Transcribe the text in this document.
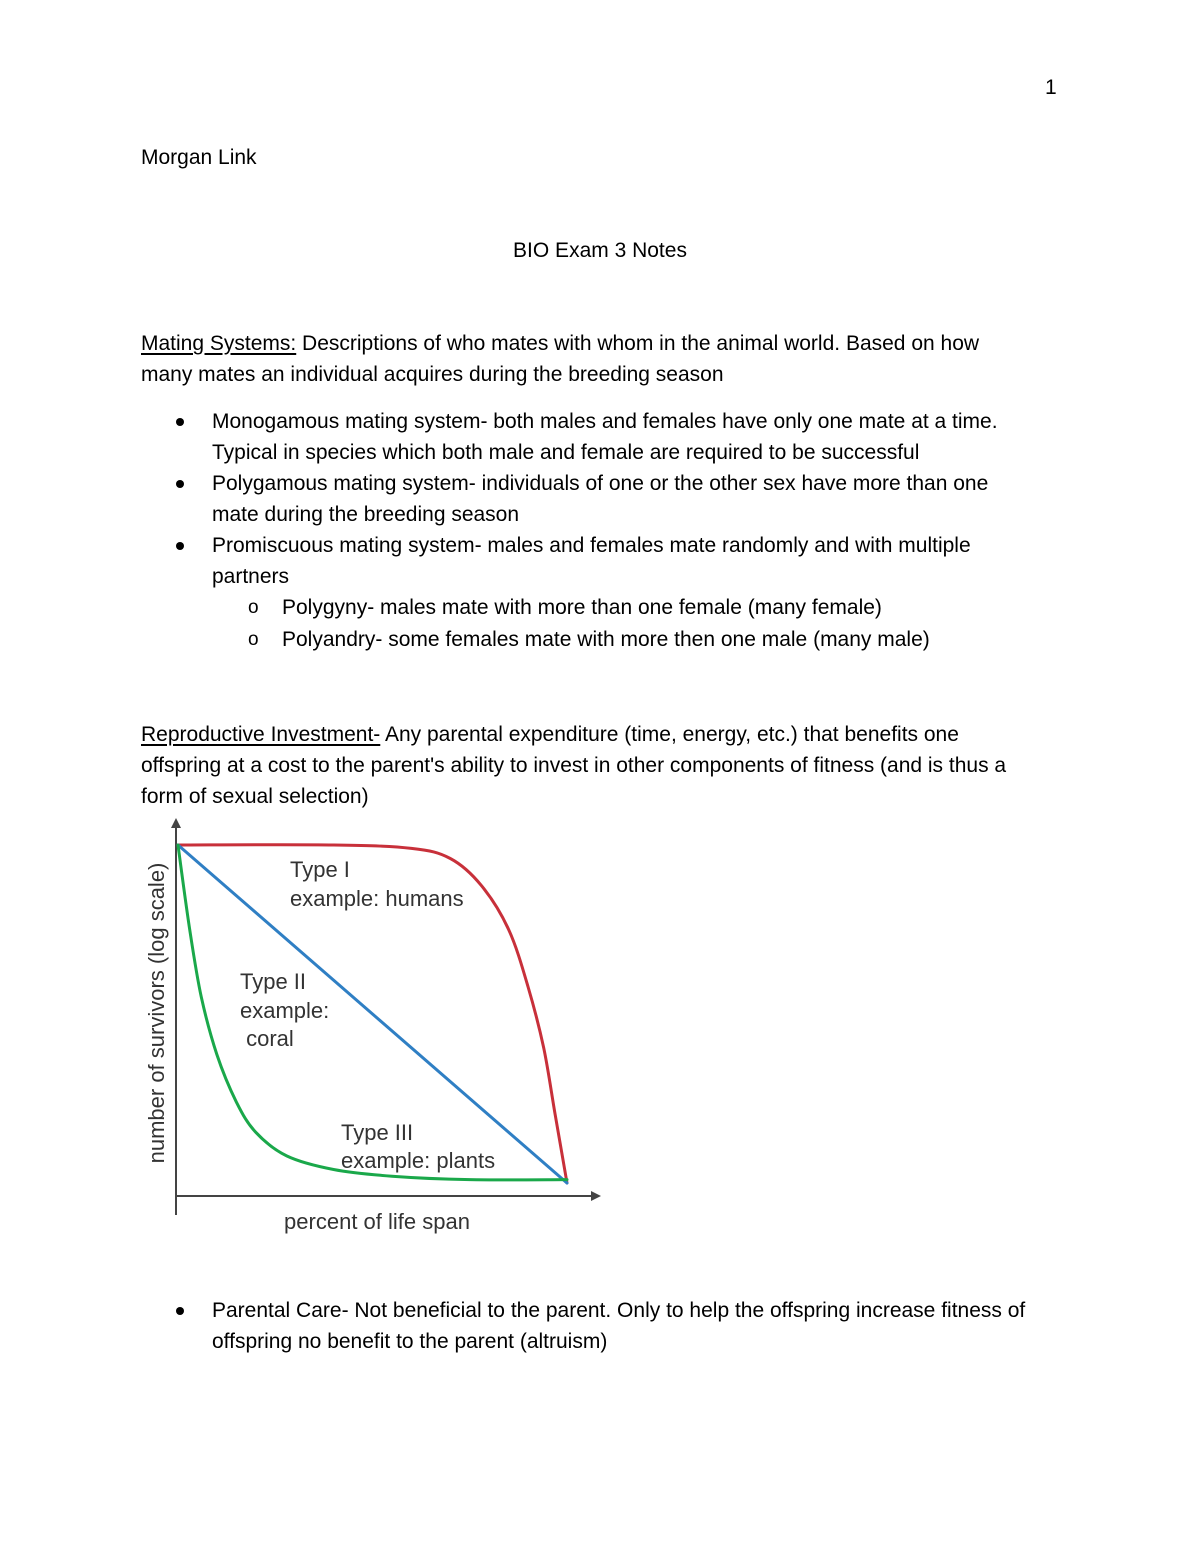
1
Morgan Link
BIO Exam 3 Notes
Mating Systems: Descriptions of who mates with whom in the animal world. Based on how
many mates an individual acquires during the breeding season
Monogamous mating system- both males and females have only one mate at a time.
Typical in species which both male and female are required to be successful
Polygamous mating system- individuals of one or the other sex have more than one
mate during the breeding season
Promiscuous mating system- males and females mate randomly and with multiple
partners
o Polygyny- males mate with more than one female (many female)
o Polyandry- some females mate with more then one male (many male)
Reproductive Investment- Any parental expenditure (time, energy, etc.) that benefits one
offspring at a cost to the parent's ability to invest in other components of fitness (and is thus a
form of sexual selection)
number of survivors (log scale)
percent of life span
Type I
example: humans
Type II
example:
coral
Type III
example: plants
Parental Care- Not beneficial to the parent. Only to help the offspring increase fitness of
offspring no benefit to the parent (altruism)
